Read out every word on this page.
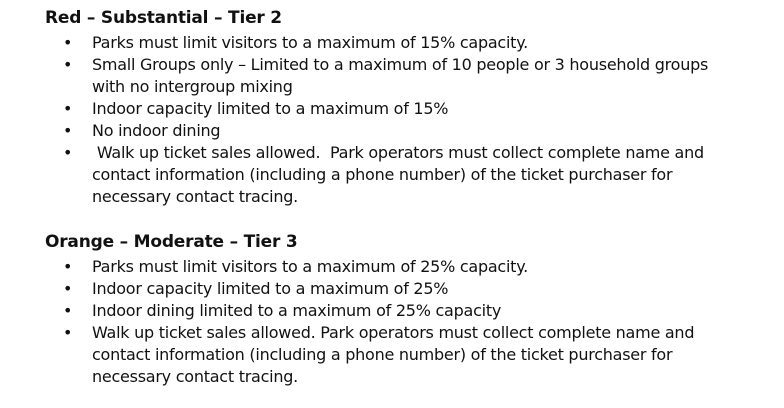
Red – Substantial – Tier 2
• Parks must limit visitors to a maximum of 15% capacity.
• Small Groups only – Limited to a maximum of 10 people or 3 household groups with no intergroup mixing
• Indoor capacity limited to a maximum of 15%
• No indoor dining
• Walk up ticket sales allowed.  Park operators must collect complete name and contact information (including a phone number) of the ticket purchaser for necessary contact tracing.
Orange – Moderate – Tier 3
• Parks must limit visitors to a maximum of 25% capacity.
• Indoor capacity limited to a maximum of 25%
• Indoor dining limited to a maximum of 25% capacity
• Walk up ticket sales allowed. Park operators must collect complete name and contact information (including a phone number) of the ticket purchaser for necessary contact tracing.
